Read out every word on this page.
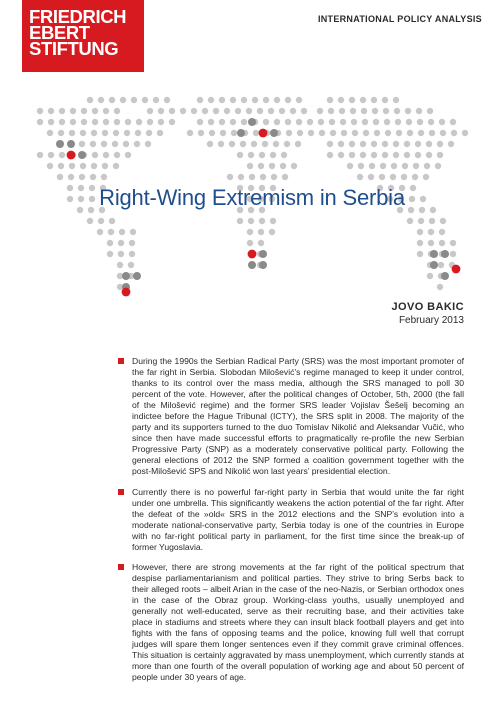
FRIEDRICH
EBERT
STIFTUNG
INTERNATIONAL POLICY ANALYSIS
Right-Wing Extremism in Serbia
JOVO BAKIC
February 2013

During the 1990s the Serbian Radical Party (SRS) was the most important promoter of the far right in Serbia. Slobodan Milošević’s regime managed to keep it under control, thanks to its control over the mass media, although the SRS managed to poll 30 percent of the vote. However, after the political changes of October, 5th, 2000 (the fall of the Milošević regime) and the former SRS leader Vojislav Šešelj becoming an indictee before the Hague Tribunal (ICTY), the SRS split in 2008. The majority of the party and its supporters turned to the duo Tomislav Nikolić and Aleksandar Vučić, who since then have made successful efforts to pragmatically re-profile the new Serbian Progressive Party (SNP) as a moderately conservative political party. Following the general elections of 2012 the SNP formed a coalition government together with the post-Milošević SPS and Nikolić won last years’ presidential election.

Currently there is no powerful far-right party in Serbia that would unite the far right under one umbrella. This significantly weakens the action potential of the far right. After the defeat of the »old« SRS in the 2012 elections and the SNP’s evolution into a moderate national-conservative party, Serbia today is one of the countries in Europe with no far-right political party in parliament, for the first time since the break-up of former Yugoslavia.

However, there are strong movements at the far right of the political spectrum that despise parliamentarianism and political parties. They strive to bring Serbs back to their alleged roots – albeit Arian in the case of the neo-Nazis, or Serbian orthodox ones in the case of the Obraz group. Working-class youths, usually unemployed and generally not well-educated, serve as their recruiting base, and their activities take place in stadiums and streets where they can insult black football players and get into fights with the fans of opposing teams and the police, knowing full well that corrupt judges will spare them longer sentences even if they commit grave criminal offences. This situation is certainly aggravated by mass unemployment, which currently stands at more than one fourth of the overall population of working age and about 50 percent of people under 30 years of age.
